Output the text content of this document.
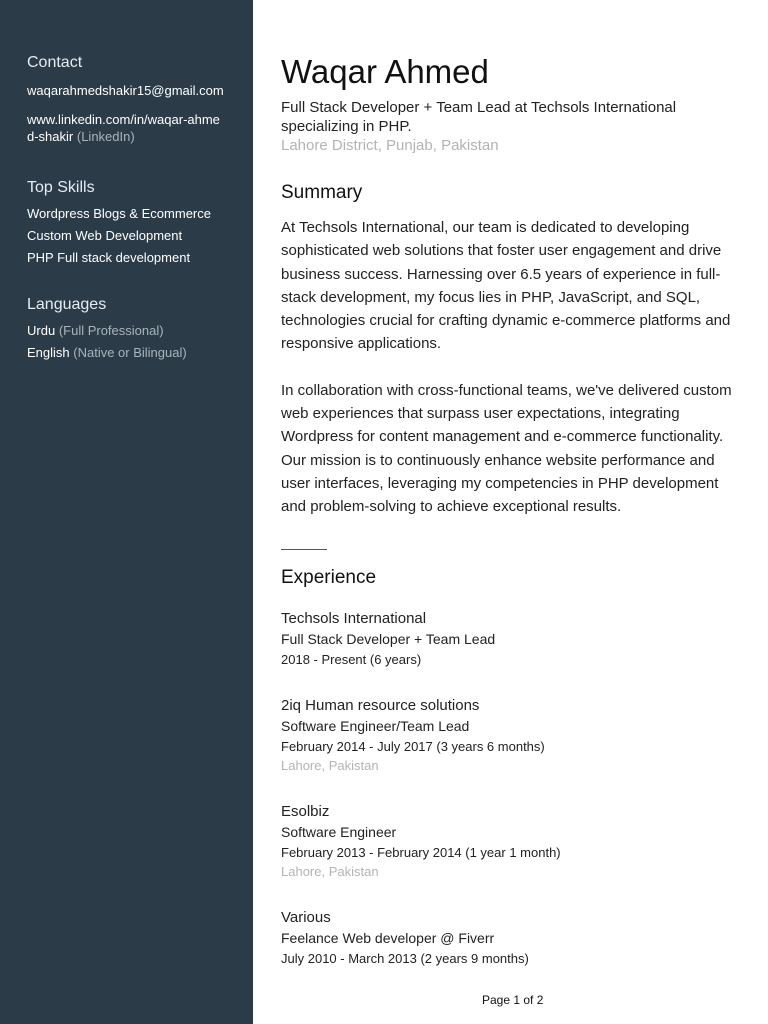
Contact
waqarahmedshakir15@gmail.com
www.linkedin.com/in/waqar-ahmed-shakir (LinkedIn)
Top Skills
Wordpress Blogs & Ecommerce
Custom Web Development
PHP Full stack development
Languages
Urdu (Full Professional)
English (Native or Bilingual)
Waqar Ahmed
Full Stack Developer + Team Lead at Techsols International specializing in PHP.
Lahore District, Punjab, Pakistan
Summary

At Techsols International, our team is dedicated to developing sophisticated web solutions that foster user engagement and drive business success. Harnessing over 6.5 years of experience in full-stack development, my focus lies in PHP, JavaScript, and SQL, technologies crucial for crafting dynamic e-commerce platforms and responsive applications.

In collaboration with cross-functional teams, we've delivered custom web experiences that surpass user expectations, integrating Wordpress for content management and e-commerce functionality. Our mission is to continuously enhance website performance and user interfaces, leveraging my competencies in PHP development and problem-solving to achieve exceptional results.

Experience
Techsols International
Full Stack Developer + Team Lead
2018 - Present (6 years)
2iq Human resource solutions
Software Engineer/Team Lead
February 2014 - July 2017 (3 years 6 months)
Lahore, Pakistan
Esolbiz
Software Engineer
February 2013 - February 2014 (1 year 1 month)
Lahore, Pakistan
Various
Feelance Web developer @ Fiverr
July 2010 - March 2013 (2 years 9 months)
Page 1 of 2
